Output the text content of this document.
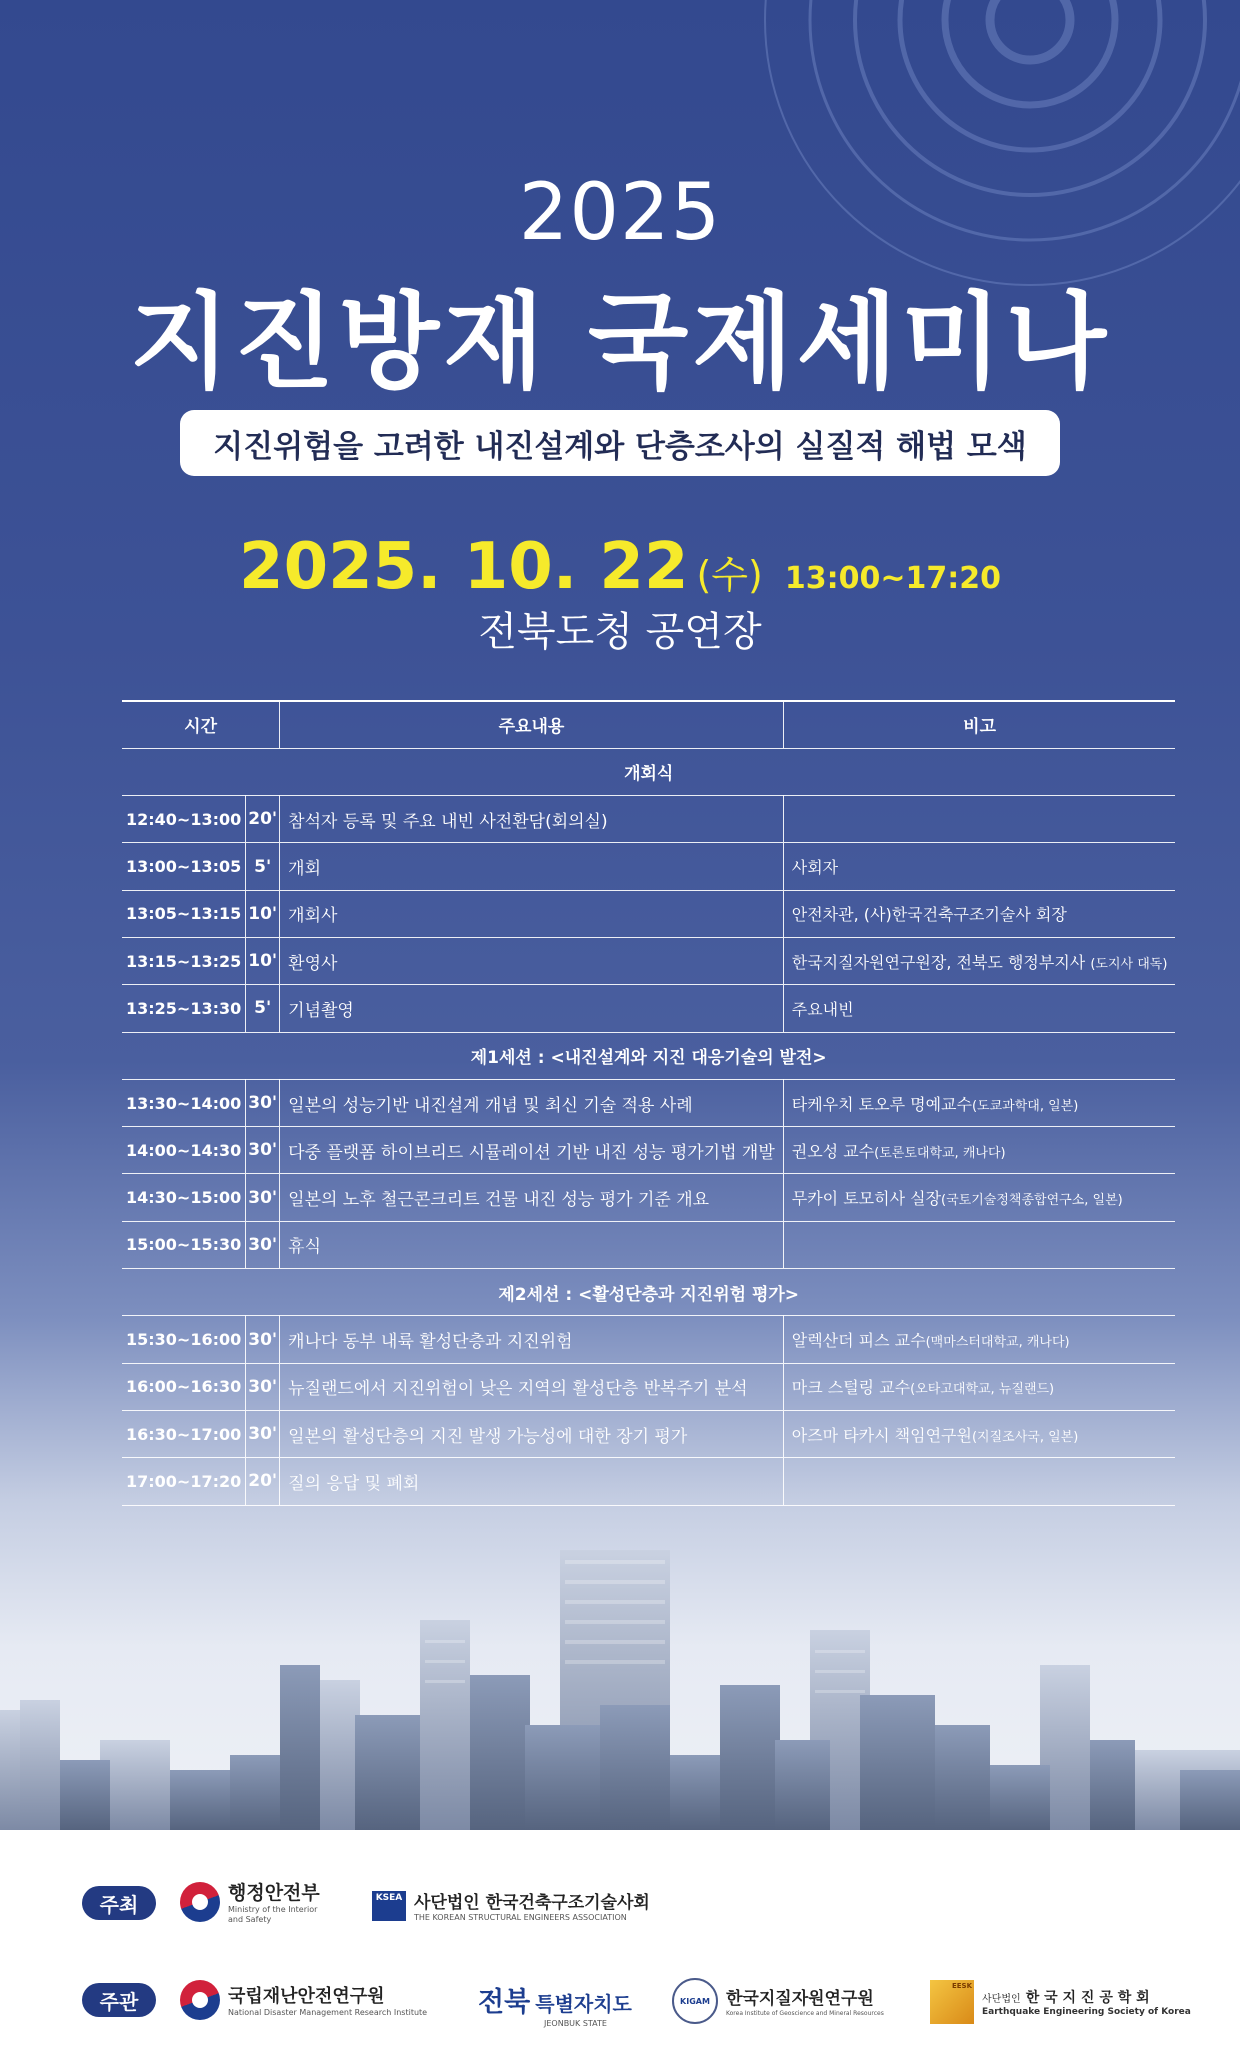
2025
지진방재 국제세미나
지진위험을 고려한 내진설계와 단층조사의 실질적 해법 모색
2025. 10. 22 (수) 13:00~17:20
전북도청 공연장
시간		주요내용	비고
개회식			
12:40~13:00	20'	참석자 등록 및 주요 내빈 사전환담(회의실)	
13:00~13:05	5'	개회	사회자
13:05~13:15	10'	개회사	안전차관, (사)한국건축구조기술사 회장
13:15~13:25	10'	환영사	한국지질자원연구원장, 전북도 행정부지사 (도지사 대독)
13:25~13:30	5'	기념촬영	주요내빈
제1세션 : <내진설계와 지진 대응기술의 발전>			
13:30~14:00	30'	일본의 성능기반 내진설계 개념 및 최신 기술 적용 사례	타케우치 토오루 명예교수(도쿄과학대, 일본)
14:00~14:30	30'	다중 플랫폼 하이브리드 시뮬레이션 기반 내진 성능 평가기법 개발	권오성 교수(토론토대학교, 캐나다)
14:30~15:00	30'	일본의 노후 철근콘크리트 건물 내진 성능 평가 기준 개요	무카이 토모히사 실장(국토기술정책종합연구소, 일본)
15:00~15:30	30'	휴식	
제2세션 : <활성단층과 지진위험 평가>			
15:30~16:00	30'	캐나다 동부 내륙 활성단층과 지진위험	알렉산더 피스 교수(맥마스터대학교, 캐나다)
16:00~16:30	30'	뉴질랜드에서 지진위험이 낮은 지역의 활성단층 반복주기 분석	마크 스털링 교수(오타고대학교, 뉴질랜드)
16:30~17:00	30'	일본의 활성단층의 지진 발생 가능성에 대한 장기 평가	아즈마 타카시 책임연구원(지질조사국, 일본)
17:00~17:20	20'	질의 응답 및 폐회	
주최
주관
행정안전부
Ministry of the Interior and Safety
KSEA 사단법인 한국건축구조기술사회
THE KOREAN STRUCTURAL ENGINEERS ASSOCIATION
국립재난안전연구원
National Disaster Management Research Institute 전북 특별자치도
JEONBUK STATE
KIGAM 한국지질자원연구원
Korea Institute of Geoscience and Mineral Resources
EESK
사단법인 한 국 지 진 공 학 회
Earthquake Engineering Society of Korea
